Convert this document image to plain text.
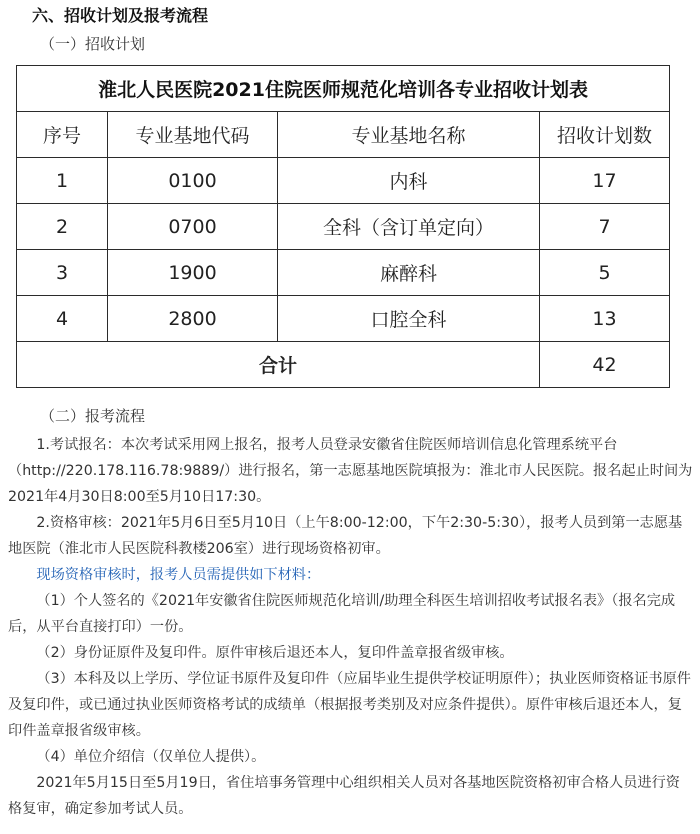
六、招收计划及报考流程
（一）招收计划
淮北人民医院2021住院医师规范化培训各专业招收计划表			
序号	专业基地代码	专业基地名称	招收计划数
1	0100	内科	17
2	0700	全科（含订单定向）	7
3	1900	麻醉科	5
4	2800	口腔全科	13
合计			42
（二）报考流程

1.考试报名：本次考试采用网上报名，报考人员登录安徽省住院医师培训信息化管理系统平台（http://220.178.116.78:9889/）进行报名，第一志愿基地医院填报为：淮北市人民医院。报名起止时间为2021年4月30日8:00至5月10日17:30。

2.资格审核：2021年5月6日至5月10日（上午8:00-12:00，下午2:30-5:30），报考人员到第一志愿基地医院（淮北市人民医院科教楼206室）进行现场资格初审。

现场资格审核时，报考人员需提供如下材料：

（1）个人签名的《2021年安徽省住院医师规范化培训/助理全科医生培训招收考试报名表》（报名完成后，从平台直接打印）一份。

（2）身份证原件及复印件。原件审核后退还本人，复印件盖章报省级审核。

（3）本科及以上学历、学位证书原件及复印件（应届毕业生提供学校证明原件）；执业医师资格证书原件及复印件，或已通过执业医师资格考试的成绩单（根据报考类别及对应条件提供）。原件审核后退还本人，复印件盖章报省级审核。

（4）单位介绍信（仅单位人提供）。

2021年5月15日至5月19日，省住培事务管理中心组织相关人员对各基地医院资格初审合格人员进行资格复审，确定参加考试人员。
